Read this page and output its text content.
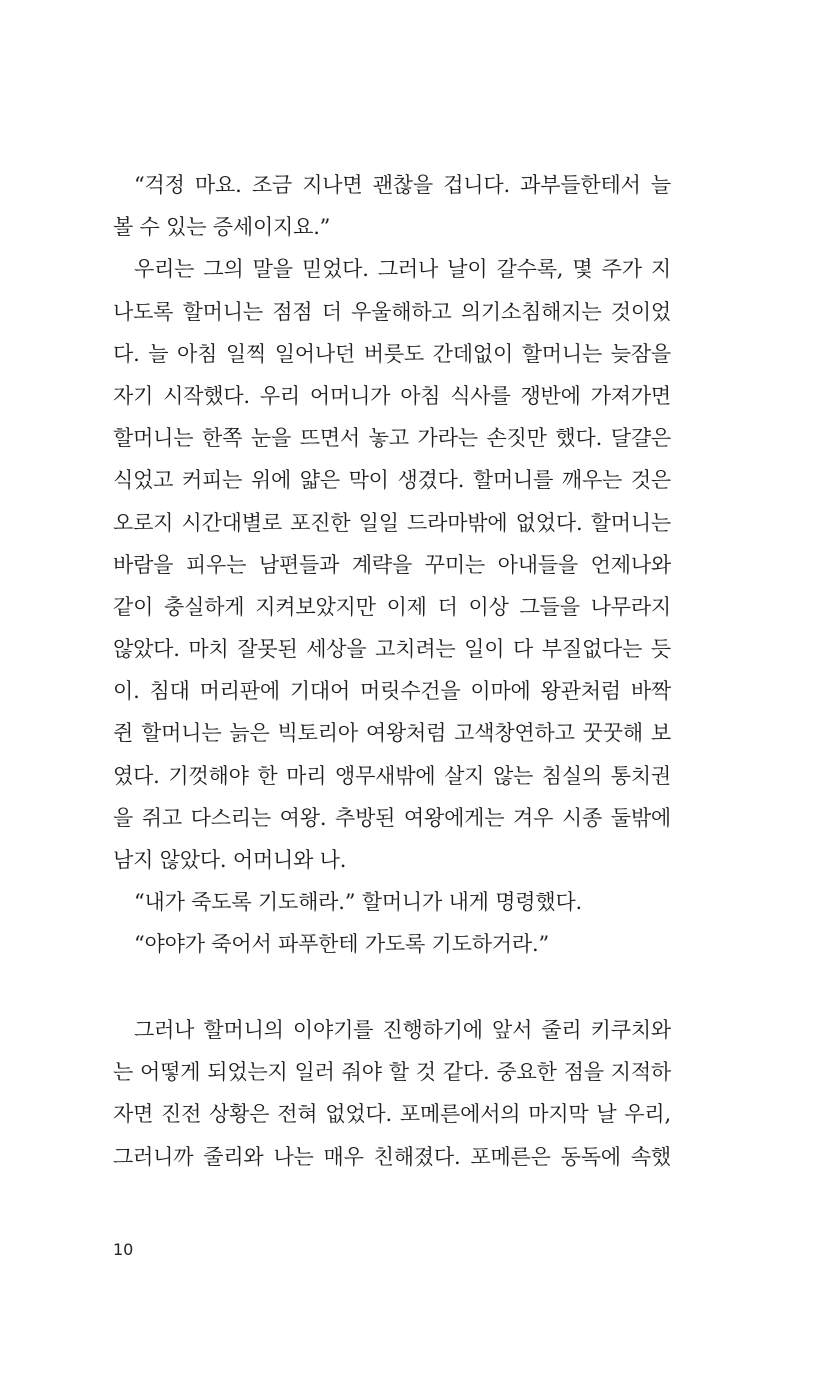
“걱정 마요. 조금 지나면 괜찮을 겁니다. 과부들한테서 늘
볼 수 있는 증세이지요.”
우리는 그의 말을 믿었다. 그러나 날이 갈수록, 몇 주가 지
나도록 할머니는 점점 더 우울해하고 의기소침해지는 것이었
다. 늘 아침 일찍 일어나던 버릇도 간데없이 할머니는 늦잠을
자기 시작했다. 우리 어머니가 아침 식사를 쟁반에 가져가면
할머니는 한쪽 눈을 뜨면서 놓고 가라는 손짓만 했다. 달걀은
식었고 커피는 위에 얇은 막이 생겼다. 할머니를 깨우는 것은
오로지 시간대별로 포진한 일일 드라마밖에 없었다. 할머니는
바람을 피우는 남편들과 계략을 꾸미는 아내들을 언제나와
같이 충실하게 지켜보았지만 이제 더 이상 그들을 나무라지
않았다. 마치 잘못된 세상을 고치려는 일이 다 부질없다는 듯
이. 침대 머리판에 기대어 머릿수건을 이마에 왕관처럼 바짝
쥔 할머니는 늙은 빅토리아 여왕처럼 고색창연하고 꿋꿋해 보
였다. 기껏해야 한 마리 앵무새밖에 살지 않는 침실의 통치권
을 쥐고 다스리는 여왕. 추방된 여왕에게는 겨우 시종 둘밖에
남지 않았다. 어머니와 나.
“내가 죽도록 기도해라.” 할머니가 내게 명령했다.
“야야가 죽어서 파푸한테 가도록 기도하거라.”
그러나 할머니의 이야기를 진행하기에 앞서 줄리 키쿠치와
는 어떻게 되었는지 일러 줘야 할 것 같다. 중요한 점을 지적하
자면 진전 상황은 전혀 없었다. 포메른에서의 마지막 날 우리,
그러니까 줄리와 나는 매우 친해졌다. 포메른은 동독에 속했
10
